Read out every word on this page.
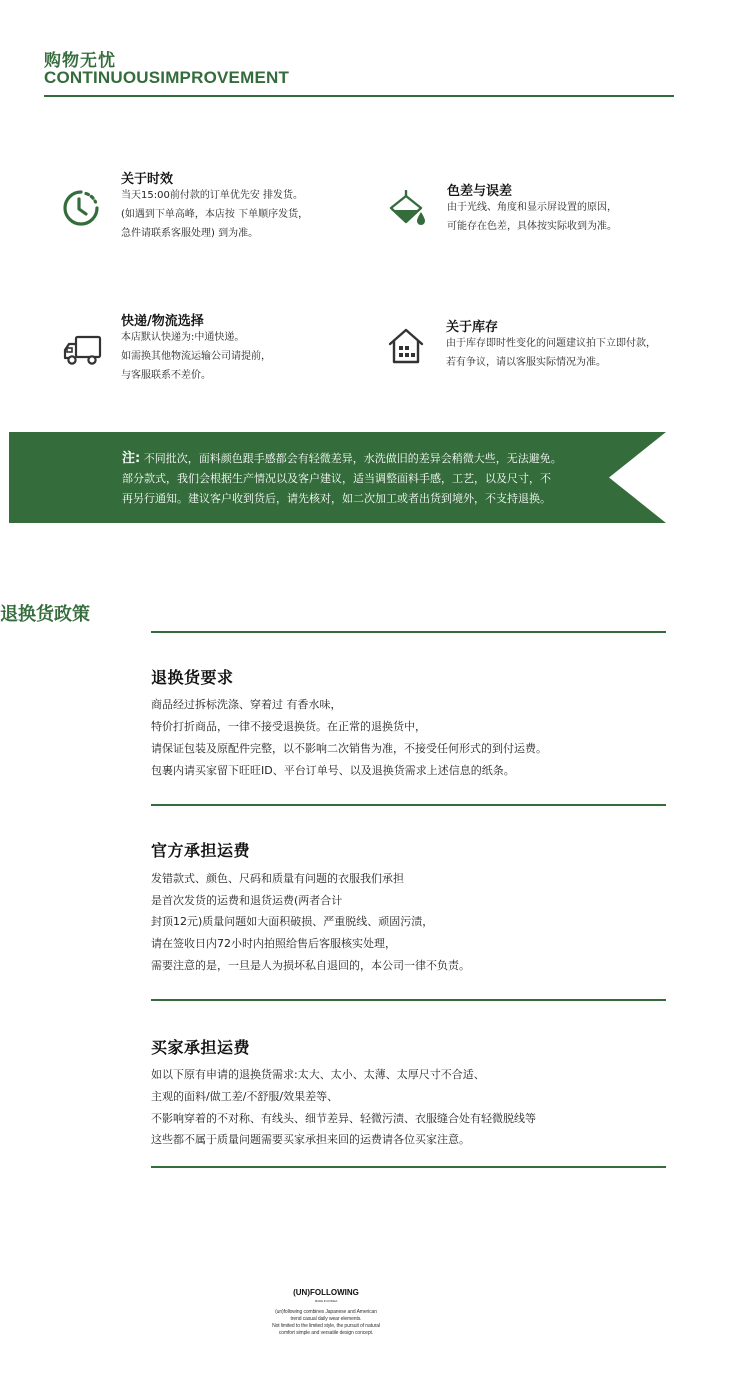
购物无忧
CONTINUOUSIMPROVEMENT
关于时效
当天15:00前付款的订单优先安 排发货。
(如遇到下单高峰，本店按 下单顺序发货，
急件请联系客服处理) 到为准。
色差与误差
由于光线、角度和显示屏设置的原因，
可能存在色差，具体按实际收到为准。
快递/物流选择
本店默认快递为:中通快递。
如需换其他物流运输公司请提前，
与客服联系不差价。
关于库存
由于库存即时性变化的问题建议拍下立即付款，
若有争议，请以客服实际情况为准。
注: 不同批次，面料颜色跟手感都会有轻微差异，水洗做旧的差异会稍微大些，无法避免。
部分款式，我们会根据生产情况以及客户建议，适当调整面料手感，工艺，以及尺寸，不
再另行通知。建议客户收到货后，请先核对，如二次加工或者出货到境外，不支持退换。
退换货政策
退换货要求
商品经过拆标洗涤、穿着过 有香水味，
特价打折商品，一律不接受退换货。在正常的退换货中，
请保证包装及原配件完整，以不影响二次销售为准，不接受任何形式的到付运费。
包裹内请买家留下旺旺ID、平台订单号、以及退换货需求上述信息的纸条。
官方承担运费
发错款式、颜色、尺码和质量有问题的衣服我们承担
是首次发货的运费和退货运费(两者合计
封顶12元)质量问题如大面积破损、严重脱线、顽固污渍，
请在签收日内72小时内拍照给售后客服核实处理，
需要注意的是，一旦是人为损坏私自退回的，本公司一律不负责。
买家承担运费
如以下原有申请的退换货需求:太大、太小、太薄、太厚尺寸不合适、
主观的面料/做工差/不舒服/效果差等、
不影响穿着的不对称、有线头、细节差异、轻微污渍、衣服缝合处有轻微脱线等
这些都不属于质量问题需要买家承担来回的运费请各位买家注意。
(UN)FOLLOWING
MADE IN KOREA
(un)following combines Japanese and American
trend casual daily wear elements.
Not limited to the limited style, the pursuit of natural
comfort simple and versatile design concept.
